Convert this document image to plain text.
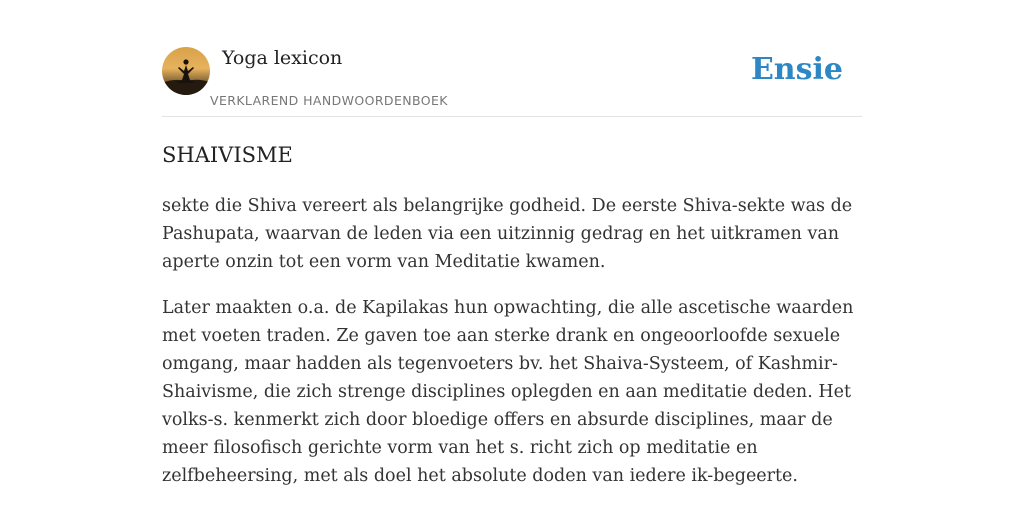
Yoga lexicon
VERKLAREND HANDWOORDENBOEK
Ensie
SHAIVISME

sekte die Shiva vereert als belangrijke godheid. De eerste Shiva-sekte was de Pashupata, waarvan de leden via een uitzinnig gedrag en het uitkramen van aperte onzin tot een vorm van Meditatie kwamen.

Later maakten o.a. de Kapilakas hun opwachting, die alle ascetische waarden met voeten traden. Ze gaven toe aan sterke drank en ongeoorloofde sexuele omgang, maar hadden als tegenvoeters bv. het Shaiva-Systeem, of Kashmir-Shaivisme, die zich strenge disciplines oplegden en aan meditatie deden. Het volks-s. kenmerkt zich door bloedige offers en absurde disciplines, maar de meer filosofisch gerichte vorm van het s. richt zich op meditatie en zelfbeheersing, met als doel het absolute doden van iedere ik-begeerte.
